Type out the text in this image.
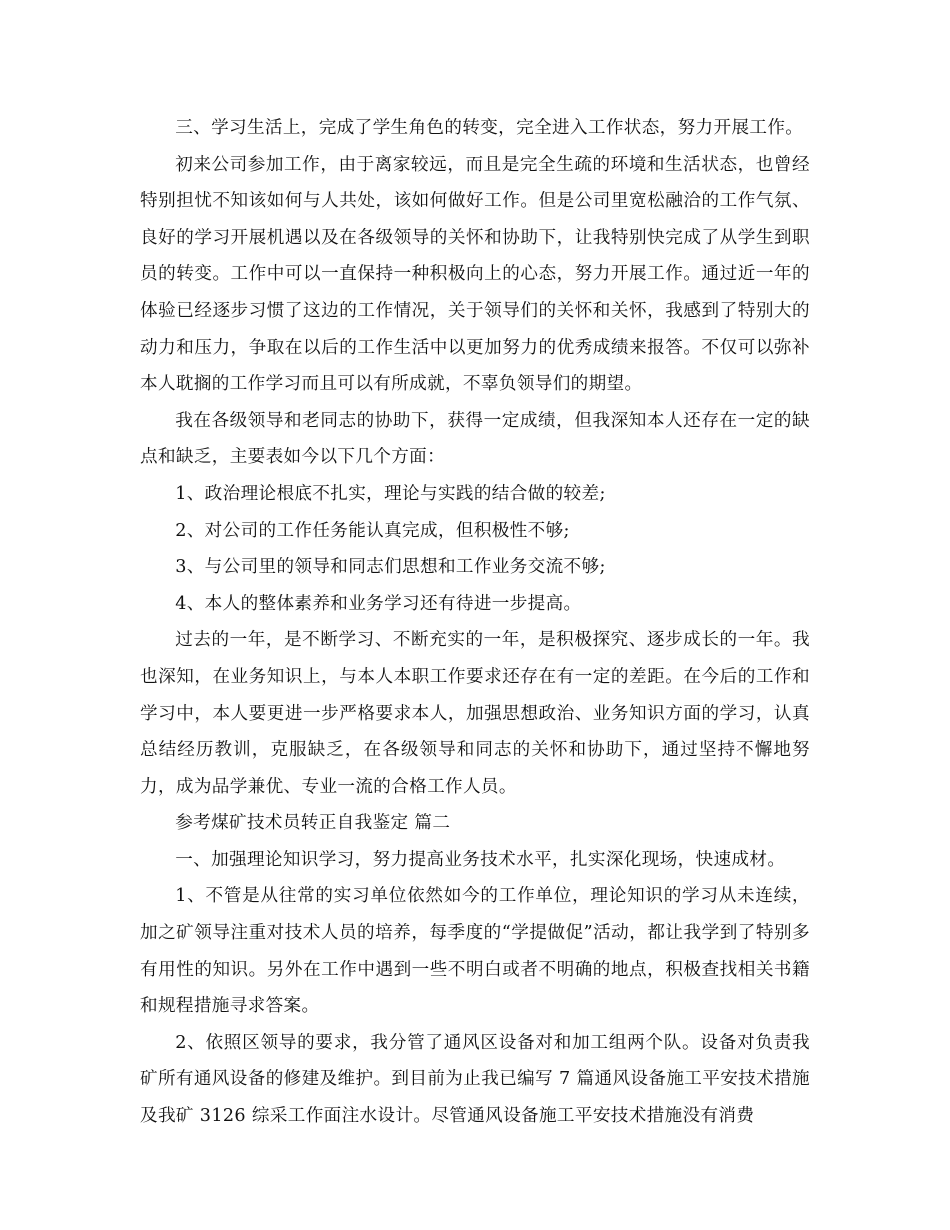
三、学习生活上，完成了学生角色的转变，完全进入工作状态，努力开展工作。

初来公司参加工作，由于离家较远，而且是完全生疏的环境和生活状态，也曾经特别担忧不知该如何与人共处，该如何做好工作。但是公司里宽松融洽的工作气氛、良好的学习开展机遇以及在各级领导的关怀和协助下，让我特别快完成了从学生到职员的转变。工作中可以一直保持一种积极向上的心态，努力开展工作。通过近一年的体验已经逐步习惯了这边的工作情况，关于领导们的关怀和关怀，我感到了特别大的动力和压力，争取在以后的工作生活中以更加努力的优秀成绩来报答。不仅可以弥补本人耽搁的工作学习而且可以有所成就，不辜负领导们的期望。

我在各级领导和老同志的协助下，获得一定成绩，但我深知本人还存在一定的缺点和缺乏，主要表如今以下几个方面：

1、政治理论根底不扎实，理论与实践的结合做的较差;

2、对公司的工作任务能认真完成，但积极性不够;

3、与公司里的领导和同志们思想和工作业务交流不够;

4、本人的整体素养和业务学习还有待进一步提高。

过去的一年，是不断学习、不断充实的一年，是积极探究、逐步成长的一年。我也深知，在业务知识上，与本人本职工作要求还存在有一定的差距。在今后的工作和学习中，本人要更进一步严格要求本人，加强思想政治、业务知识方面的学习，认真总结经历教训，克服缺乏，在各级领导和同志的关怀和协助下，通过坚持不懈地努力，成为品学兼优、专业一流的合格工作人员。

参考煤矿技术员转正自我鉴定 篇二

一、加强理论知识学习，努力提高业务技术水平，扎实深化现场，快速成材。

1、不管是从往常的实习单位依然如今的工作单位，理论知识的学习从未连续，加之矿领导注重对技术人员的培养，每季度的“学提做促”活动，都让我学到了特别多有用性的知识。另外在工作中遇到一些不明白或者不明确的地点，积极查找相关书籍和规程措施寻求答案。

2、依照区领导的要求，我分管了通风区设备对和加工组两个队。设备对负责我矿所有通风设备的修建及维护。到目前为止我已编写 7 篇通风设备施工平安技术措施及我矿 3126 综采工作面注水设计。尽管通风设备施工平安技术措施没有消费
